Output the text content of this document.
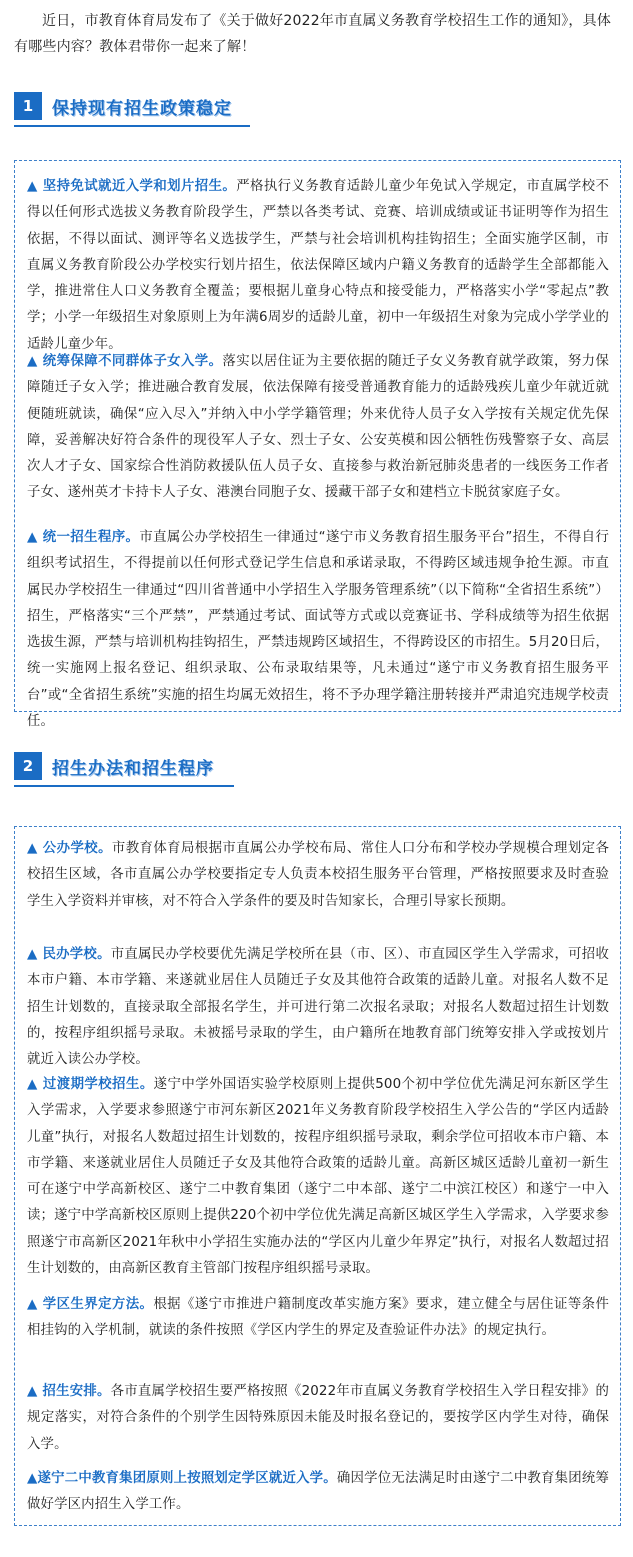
近日，市教育体育局发布了《关于做好2022年市直属义务教育学校招生工作的通知》，具体有哪些内容？教体君带你一起来了解！

1	保持现有招生政策稳定

▲ 坚持免试就近入学和划片招生。严格执行义务教育适龄儿童少年免试入学规定，市直属学校不得以任何形式选拔义务教育阶段学生，严禁以各类考试、竞赛、培训成绩或证书证明等作为招生依据，不得以面试、测评等名义选拔学生，严禁与社会培训机构挂钩招生；全面实施学区制，市直属义务教育阶段公办学校实行划片招生，依法保障区域内户籍义务教育的适龄学生全部都能入学，推进常住人口义务教育全覆盖；要根据儿童身心特点和接受能力，严格落实小学“零起点”教学；小学一年级招生对象原则上为年满6周岁的适龄儿童，初中一年级招生对象为完成小学学业的适龄儿童少年。

▲ 统筹保障不同群体子女入学。落实以居住证为主要依据的随迁子女义务教育就学政策，努力保障随迁子女入学；推进融合教育发展，依法保障有接受普通教育能力的适龄残疾儿童少年就近就便随班就读，确保“应入尽入”并纳入中小学学籍管理；外来优待人员子女入学按有关规定优先保障，妥善解决好符合条件的现役军人子女、烈士子女、公安英模和因公牺牲伤残警察子女、高层次人才子女、国家综合性消防救援队伍人员子女、直接参与救治新冠肺炎患者的一线医务工作者子女、遂州英才卡持卡人子女、港澳台同胞子女、援藏干部子女和建档立卡脱贫家庭子女。

▲ 统一招生程序。市直属公办学校招生一律通过“遂宁市义务教育招生服务平台”招生，不得自行组织考试招生，不得提前以任何形式登记学生信息和承诺录取，不得跨区域违规争抢生源。市直属民办学校招生一律通过“四川省普通中小学招生入学服务管理系统”（以下简称“全省招生系统”）招生，严格落实“三个严禁”，严禁通过考试、面试等方式或以竞赛证书、学科成绩等为招生依据选拔生源，严禁与培训机构挂钩招生，严禁违规跨区域招生，不得跨设区的市招生。5月20日后，统一实施网上报名登记、组织录取、公布录取结果等，凡未通过“遂宁市义务教育招生服务平台”或“全省招生系统”实施的招生均属无效招生，将不予办理学籍注册转接并严肃追究违规学校责任。

2	招生办法和招生程序

▲ 公办学校。市教育体育局根据市直属公办学校布局、常住人口分布和学校办学规模合理划定各校招生区域，各市直属公办学校要指定专人负责本校招生服务平台管理，严格按照要求及时查验学生入学资料并审核，对不符合入学条件的要及时告知家长，合理引导家长预期。

▲ 民办学校。市直属民办学校要优先满足学校所在县（市、区）、市直园区学生入学需求，可招收本市户籍、本市学籍、来遂就业居住人员随迁子女及其他符合政策的适龄儿童。对报名人数不足招生计划数的，直接录取全部报名学生，并可进行第二次报名录取；对报名人数超过招生计划数的，按程序组织摇号录取。未被摇号录取的学生，由户籍所在地教育部门统筹安排入学或按划片就近入读公办学校。

▲ 过渡期学校招生。遂宁中学外国语实验学校原则上提供500个初中学位优先满足河东新区学生入学需求，入学要求参照遂宁市河东新区2021年义务教育阶段学校招生入学公告的“学区内适龄儿童”执行，对报名人数超过招生计划数的，按程序组织摇号录取，剩余学位可招收本市户籍、本市学籍、来遂就业居住人员随迁子女及其他符合政策的适龄儿童。高新区城区适龄儿童初一新生可在遂宁中学高新校区、遂宁二中教育集团（遂宁二中本部、遂宁二中滨江校区）和遂宁一中入读；遂宁中学高新校区原则上提供220个初中学位优先满足高新区城区学生入学需求，入学要求参照遂宁市高新区2021年秋中小学招生实施办法的“学区内儿童少年界定”执行，对报名人数超过招生计划数的，由高新区教育主管部门按程序组织摇号录取。

▲ 学区生界定方法。根据《遂宁市推进户籍制度改革实施方案》要求，建立健全与居住证等条件相挂钩的入学机制，就读的条件按照《学区内学生的界定及查验证件办法》的规定执行。

▲ 招生安排。各市直属学校招生要严格按照《2022年市直属义务教育学校招生入学日程安排》的规定落实，对符合条件的个别学生因特殊原因未能及时报名登记的，要按学区内学生对待，确保入学。

▲遂宁二中教育集团原则上按照划定学区就近入学。确因学位无法满足时由遂宁二中教育集团统筹做好学区内招生入学工作。
